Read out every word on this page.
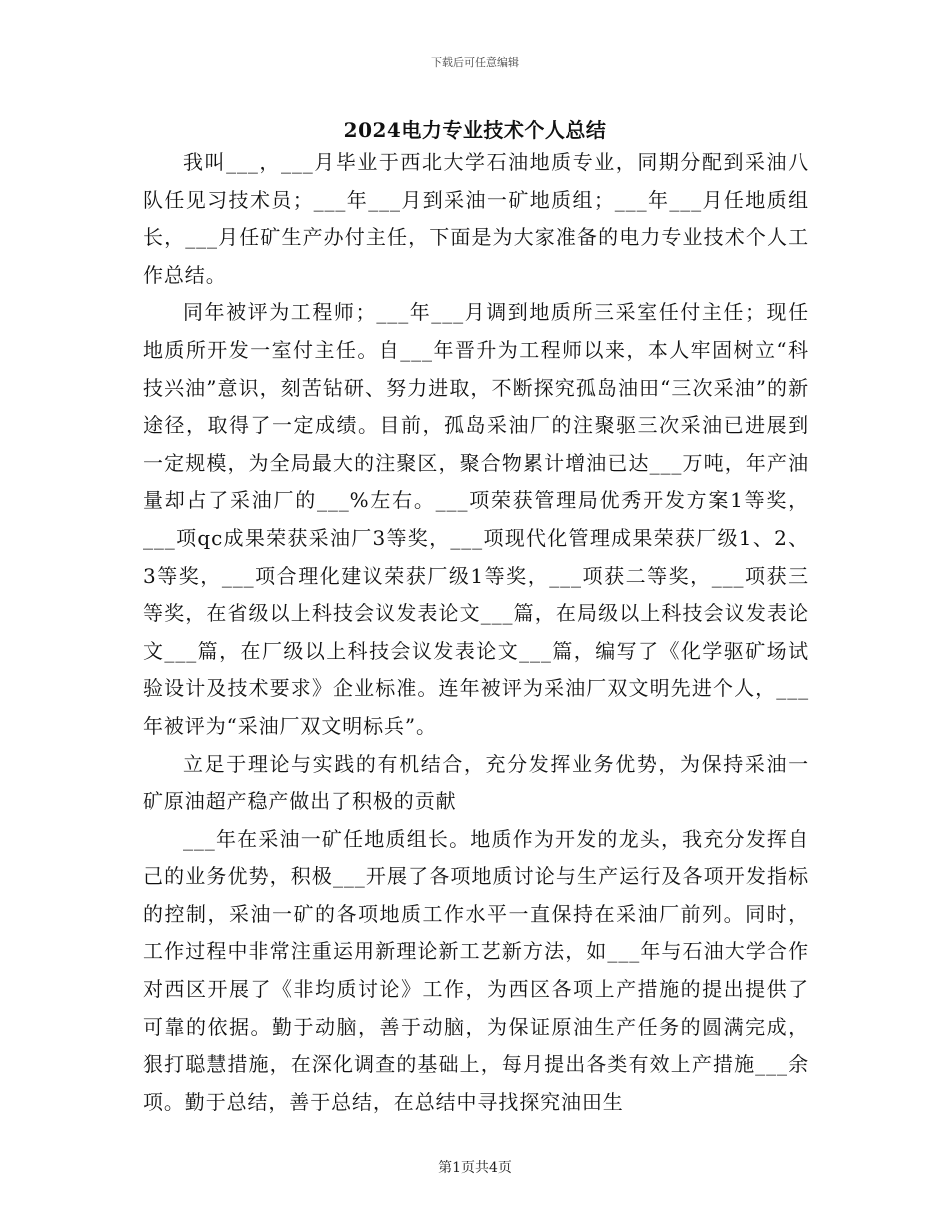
下载后可任意编辑
2024电力专业技术个人总结

我叫___，___月毕业于西北大学石油地质专业，同期分配到采油八队任见习技术员；___年___月到采油一矿地质组；___年___月任地质组长，___月任矿生产办付主任，下面是为大家准备的电力专业技术个人工作总结。

同年被评为工程师；___年___月调到地质所三采室任付主任；现任地质所开发一室付主任。自___年晋升为工程师以来，本人牢固树立“科技兴油”意识，刻苦钻研、努力进取，不断探究孤岛油田“三次采油”的新途径，取得了一定成绩。目前，孤岛采油厂的注聚驱三次采油已进展到一定规模，为全局最大的注聚区，聚合物累计增油已达___万吨，年产油量却占了采油厂的___%左右。___项荣获管理局优秀开发方案1等奖，___项qc成果荣获采油厂3等奖，___项现代化管理成果荣获厂级1、2、3等奖，___项合理化建议荣获厂级1等奖，___项获二等奖，___项获三等奖，在省级以上科技会议发表论文___篇，在局级以上科技会议发表论文___篇，在厂级以上科技会议发表论文___篇，编写了《化学驱矿场试验设计及技术要求》企业标准。连年被评为采油厂双文明先进个人，___年被评为“采油厂双文明标兵”。

立足于理论与实践的有机结合，充分发挥业务优势，为保持采油一矿原油超产稳产做出了积极的贡献

___年在采油一矿任地质组长。地质作为开发的龙头，我充分发挥自己的业务优势，积极___开展了各项地质讨论与生产运行及各项开发指标的控制，采油一矿的各项地质工作水平一直保持在采油厂前列。同时，工作过程中非常注重运用新理论新工艺新方法，如___年与石油大学合作对西区开展了《非均质讨论》工作，为西区各项上产措施的提出提供了可靠的依据。勤于动脑，善于动脑，为保证原油生产任务的圆满完成，狠打聪慧措施，在深化调查的基础上，每月提出各类有效上产措施___余项。勤于总结，善于总结，在总结中寻找探究油田生

第1页共4页
